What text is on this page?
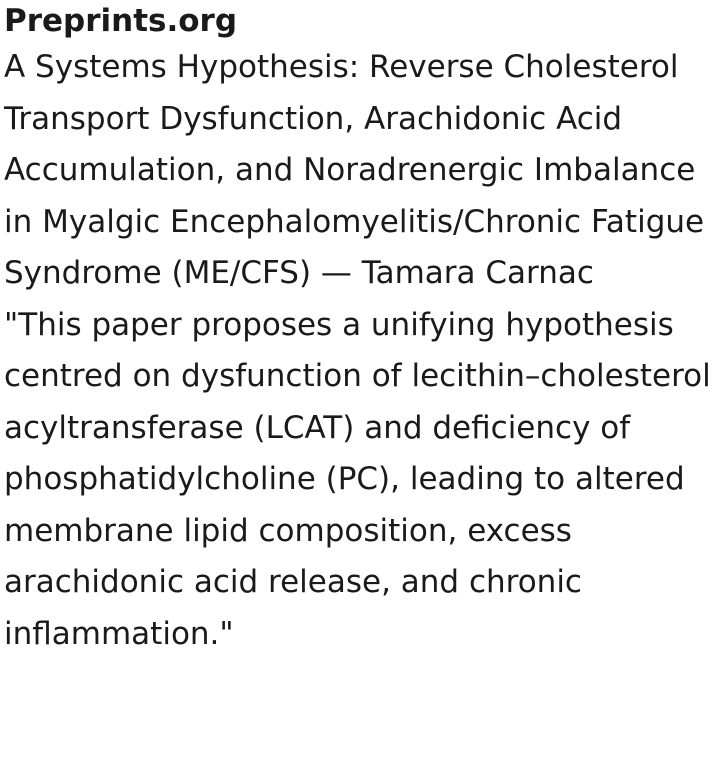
Preprints.org

A Systems Hypothesis: Reverse Cholesterol Transport Dysfunction, Arachidonic Acid Accumulation, and Noradrenergic Imbalance in Myalgic Encephalomyelitis/Chronic Fatigue Syndrome (ME/CFS) — Tamara Carnac

"This paper proposes a unifying hypothesis centred on dysfunction of lecithin–cholesterol acyltransferase (LCAT) and deficiency of phosphatidylcholine (PC), leading to altered membrane lipid composition, excess arachidonic acid release, and chronic inflammation."
